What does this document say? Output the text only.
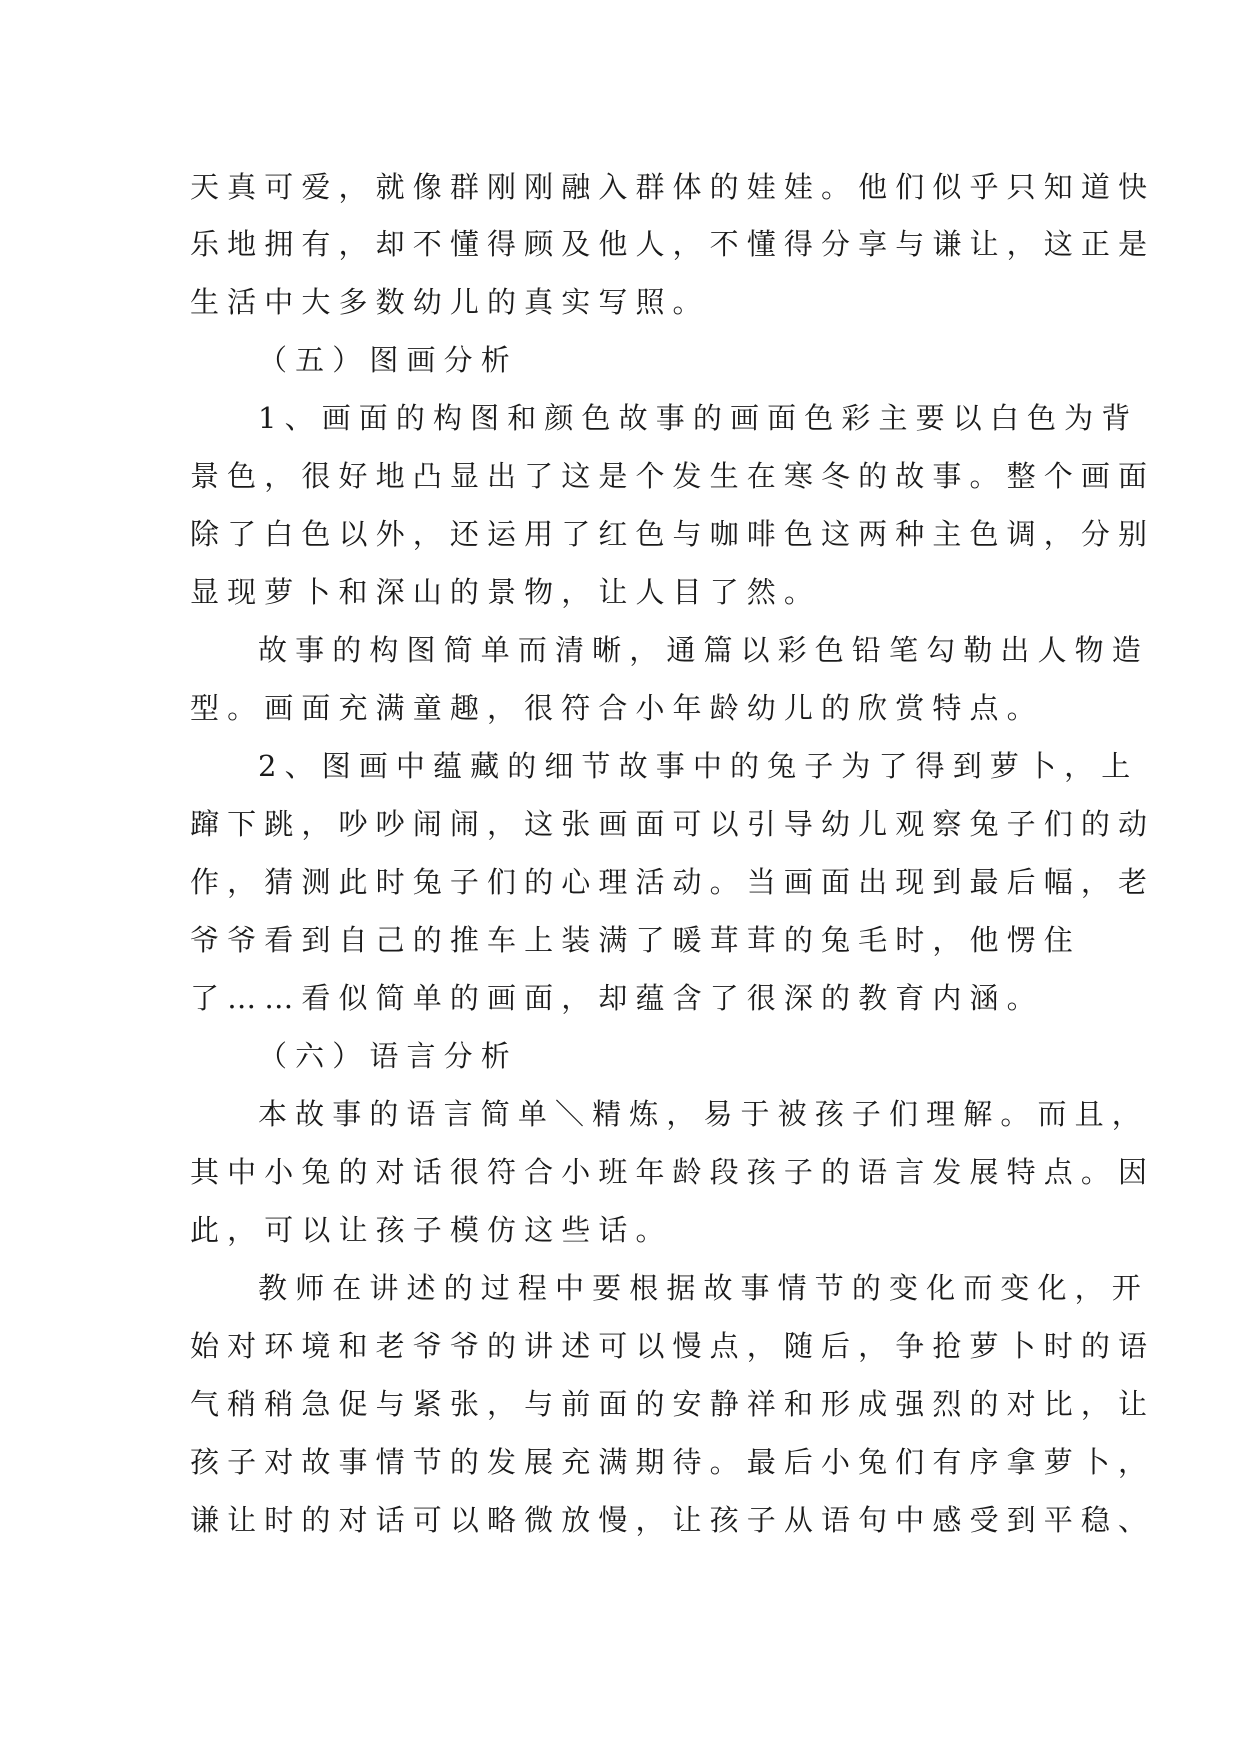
天真可爱，就像群刚刚融入群体的娃娃。他们似乎只知道快
乐地拥有，却不懂得顾及他人，不懂得分享与谦让，这正是
生活中大多数幼儿的真实写照。
（五）图画分析
1、画面的构图和颜色故事的画面色彩主要以白色为背
景色，很好地凸显出了这是个发生在寒冬的故事。整个画面
除了白色以外，还运用了红色与咖啡色这两种主色调，分别
显现萝卜和深山的景物，让人目了然。
故事的构图简单而清晰，通篇以彩色铅笔勾勒出人物造
型。画面充满童趣，很符合小年龄幼儿的欣赏特点。
2、图画中蕴藏的细节故事中的兔子为了得到萝卜，上
蹿下跳，吵吵闹闹，这张画面可以引导幼儿观察兔子们的动
作，猜测此时兔子们的心理活动。当画面出现到最后幅，老
爷爷看到自己的推车上装满了暖茸茸的兔毛时，他愣住
了……看似简单的画面，却蕴含了很深的教育内涵。
（六）语言分析
本故事的语言简单＼精炼，易于被孩子们理解。而且，
其中小兔的对话很符合小班年龄段孩子的语言发展特点。因
此，可以让孩子模仿这些话。
教师在讲述的过程中要根据故事情节的变化而变化，开
始对环境和老爷爷的讲述可以慢点，随后，争抢萝卜时的语
气稍稍急促与紧张，与前面的安静祥和形成强烈的对比，让
孩子对故事情节的发展充满期待。最后小兔们有序拿萝卜，
谦让时的对话可以略微放慢，让孩子从语句中感受到平稳、
